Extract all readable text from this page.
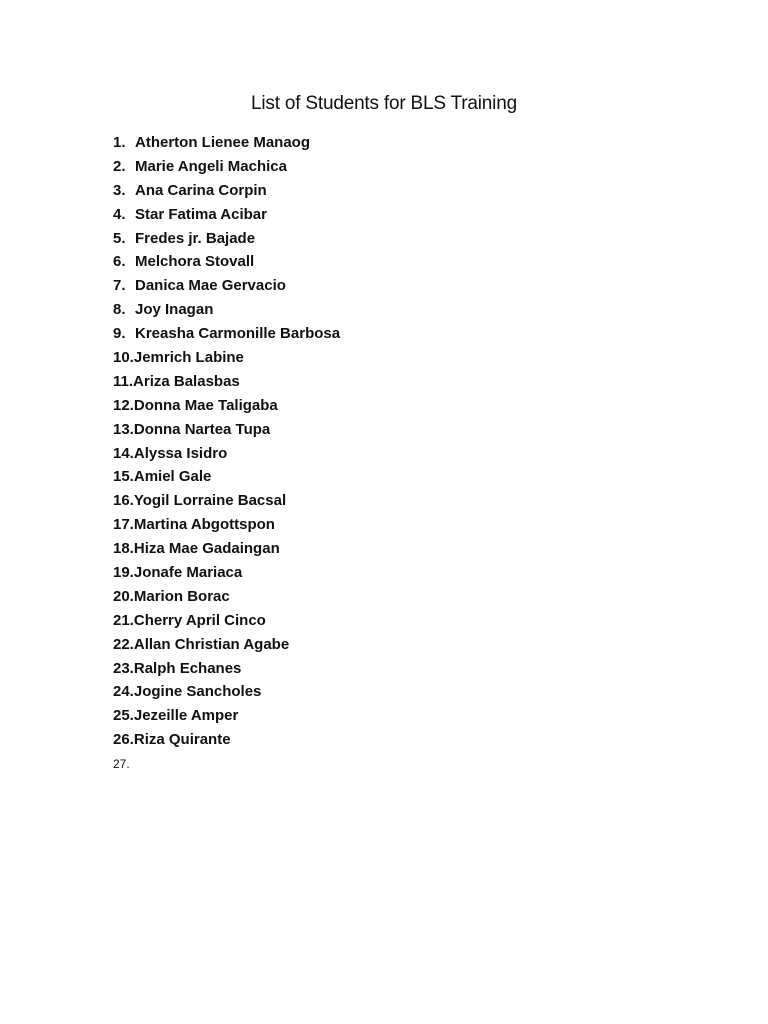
List of Students for BLS Training
1. Atherton Lienee Manaog
2. Marie Angeli Machica
3. Ana Carina Corpin
4. Star Fatima Acibar
5. Fredes jr. Bajade
6. Melchora Stovall
7. Danica Mae Gervacio
8. Joy Inagan
9. Kreasha Carmonille Barbosa
10.Jemrich Labine
11.Ariza Balasbas
12.Donna Mae Taligaba
13.Donna Nartea Tupa
14.Alyssa Isidro
15.Amiel Gale
16.Yogil Lorraine Bacsal
17.Martina Abgottspon
18.Hiza Mae Gadaingan
19.Jonafe Mariaca
20.Marion Borac
21.Cherry April Cinco
22.Allan Christian Agabe
23.Ralph Echanes
24.Jogine Sancholes
25.Jezeille Amper
26.Riza Quirante
27.
